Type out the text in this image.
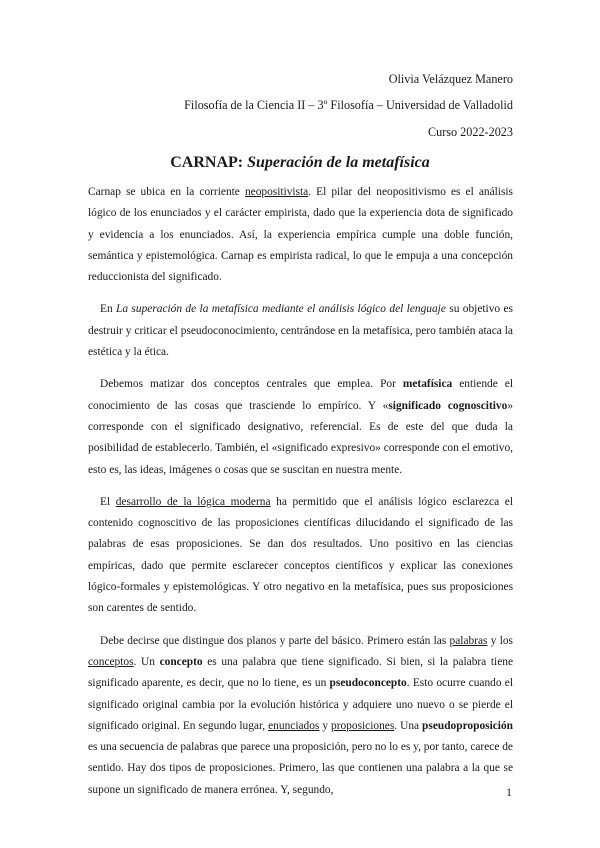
Olivia Velázquez Manero
Filosofía de la Ciencia II – 3º Filosofía – Universidad de Valladolid
Curso 2022-2023
CARNAP: Superación de la metafísica

Carnap se ubica en la corriente neopositivista. El pilar del neopositivismo es el análisis lógico de los enunciados y el carácter empirista, dado que la experiencia dota de significado y evidencia a los enunciados. Así, la experiencia empírica cumple una doble función, semántica y epistemológica. Carnap es empirista radical, lo que le empuja a una concepción reduccionista del significado.

En La superación de la metafísica mediante el análisis lógico del lenguaje su objetivo es destruir y criticar el pseudoconocimiento, centrándose en la metafísica, pero también ataca la estética y la ética.

Debemos matizar dos conceptos centrales que emplea. Por metafísica entiende el conocimiento de las cosas que trasciende lo empírico. Y «significado cognoscitivo» corresponde con el significado designativo, referencial. Es de este del que duda la posibilidad de establecerlo. También, el «significado expresivo» corresponde con el emotivo, esto es, las ideas, imágenes o cosas que se suscitan en nuestra mente.

El desarrollo de la lógica moderna ha permitido que el análisis lógico esclarezca el contenido cognoscitivo de las proposiciones científicas dilucidando el significado de las palabras de esas proposiciones. Se dan dos resultados. Uno positivo en las ciencias empíricas, dado que permite esclarecer conceptos científicos y explicar las conexiones lógico-formales y epistemológicas. Y otro negativo en la metafísica, pues sus proposiciones son carentes de sentido.

Debe decirse que distingue dos planos y parte del básico. Primero están las palabras y los conceptos. Un concepto es una palabra que tiene significado. Si bien, si la palabra tiene significado aparente, es decir, que no lo tiene, es un pseudoconcepto. Esto ocurre cuando el significado original cambia por la evolución histórica y adquiere uno nuevo o se pierde el significado original. En segundo lugar, enunciados y proposiciones. Una pseudoproposición es una secuencia de palabras que parece una proposición, pero no lo es y, por tanto, carece de sentido. Hay dos tipos de proposiciones. Primero, las que contienen una palabra a la que se supone un significado de manera errónea. Y, segundo,	1
